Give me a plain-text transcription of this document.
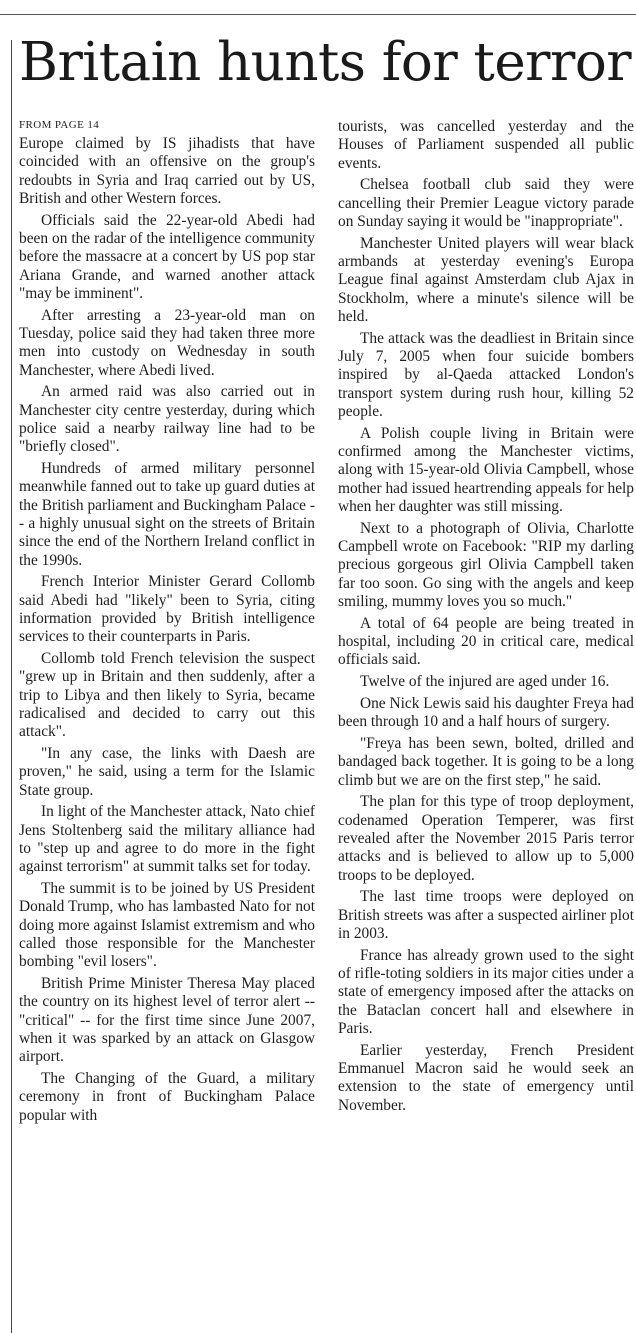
Britain hunts for terror
FROM PAGE 14

Europe claimed by IS jihadists that have coincided with an offensive on the group's redoubts in Syria and Iraq carried out by US, British and other Western forces.

Officials said the 22-year-old Abedi had been on the radar of the intelligence community before the massacre at a concert by US pop star Ariana Grande, and warned another attack "may be imminent".

After arresting a 23-year-old man on Tuesday, police said they had taken three more men into custody on Wednesday in south Manchester, where Abedi lived.

An armed raid was also carried out in Manchester city centre yesterday, during which police said a nearby railway line had to be "briefly closed".

Hundreds of armed military personnel meanwhile fanned out to take up guard duties at the British parliament and Buckingham Palace -- a highly unusual sight on the streets of Britain since the end of the Northern Ireland conflict in the 1990s.

French Interior Minister Gerard Collomb said Abedi had "likely" been to Syria, citing information provided by British intelligence services to their counterparts in Paris.

Collomb told French television the suspect "grew up in Britain and then suddenly, after a trip to Libya and then likely to Syria, became radicalised and decided to carry out this attack".

"In any case, the links with Daesh are proven," he said, using a term for the Islamic State group.

In light of the Manchester attack, Nato chief Jens Stoltenberg said the military alliance had to "step up and agree to do more in the fight against terrorism" at summit talks set for today.

The summit is to be joined by US President Donald Trump, who has lambasted Nato for not doing more against Islamist extremism and who called those responsible for the Manchester bombing "evil losers".

British Prime Minister Theresa May placed the country on its highest level of terror alert -- "critical" -- for the first time since June 2007, when it was sparked by an attack on Glasgow airport.

The Changing of the Guard, a military ceremony in front of Buckingham Palace popular with

tourists, was cancelled yesterday and the Houses of Parliament suspended all public events.

Chelsea football club said they were cancelling their Premier League victory parade on Sunday saying it would be "inappropriate".

Manchester United players will wear black armbands at yesterday evening's Europa League final against Amsterdam club Ajax in Stockholm, where a minute's silence will be held.

The attack was the deadliest in Britain since July 7, 2005 when four suicide bombers inspired by al-Qaeda attacked London's transport system during rush hour, killing 52 people.

A Polish couple living in Britain were confirmed among the Manchester victims, along with 15-year-old Olivia Campbell, whose mother had issued heartrending appeals for help when her daughter was still missing.

Next to a photograph of Olivia, Charlotte Campbell wrote on Facebook: "RIP my darling precious gorgeous girl Olivia Campbell taken far too soon. Go sing with the angels and keep smiling, mummy loves you so much."

A total of 64 people are being treated in hospital, including 20 in critical care, medical officials said.

Twelve of the injured are aged under 16.

One Nick Lewis said his daughter Freya had been through 10 and a half hours of surgery.

"Freya has been sewn, bolted, drilled and bandaged back together. It is going to be a long climb but we are on the first step," he said.

The plan for this type of troop deployment, codenamed Operation Temperer, was first revealed after the November 2015 Paris terror attacks and is believed to allow up to 5,000 troops to be deployed.

The last time troops were deployed on British streets was after a suspected airliner plot in 2003.

France has already grown used to the sight of rifle-toting soldiers in its major cities under a state of emergency imposed after the attacks on the Bataclan concert hall and elsewhere in Paris.

Earlier yesterday, French President Emmanuel Macron said he would seek an extension to the state of emergency until November.
